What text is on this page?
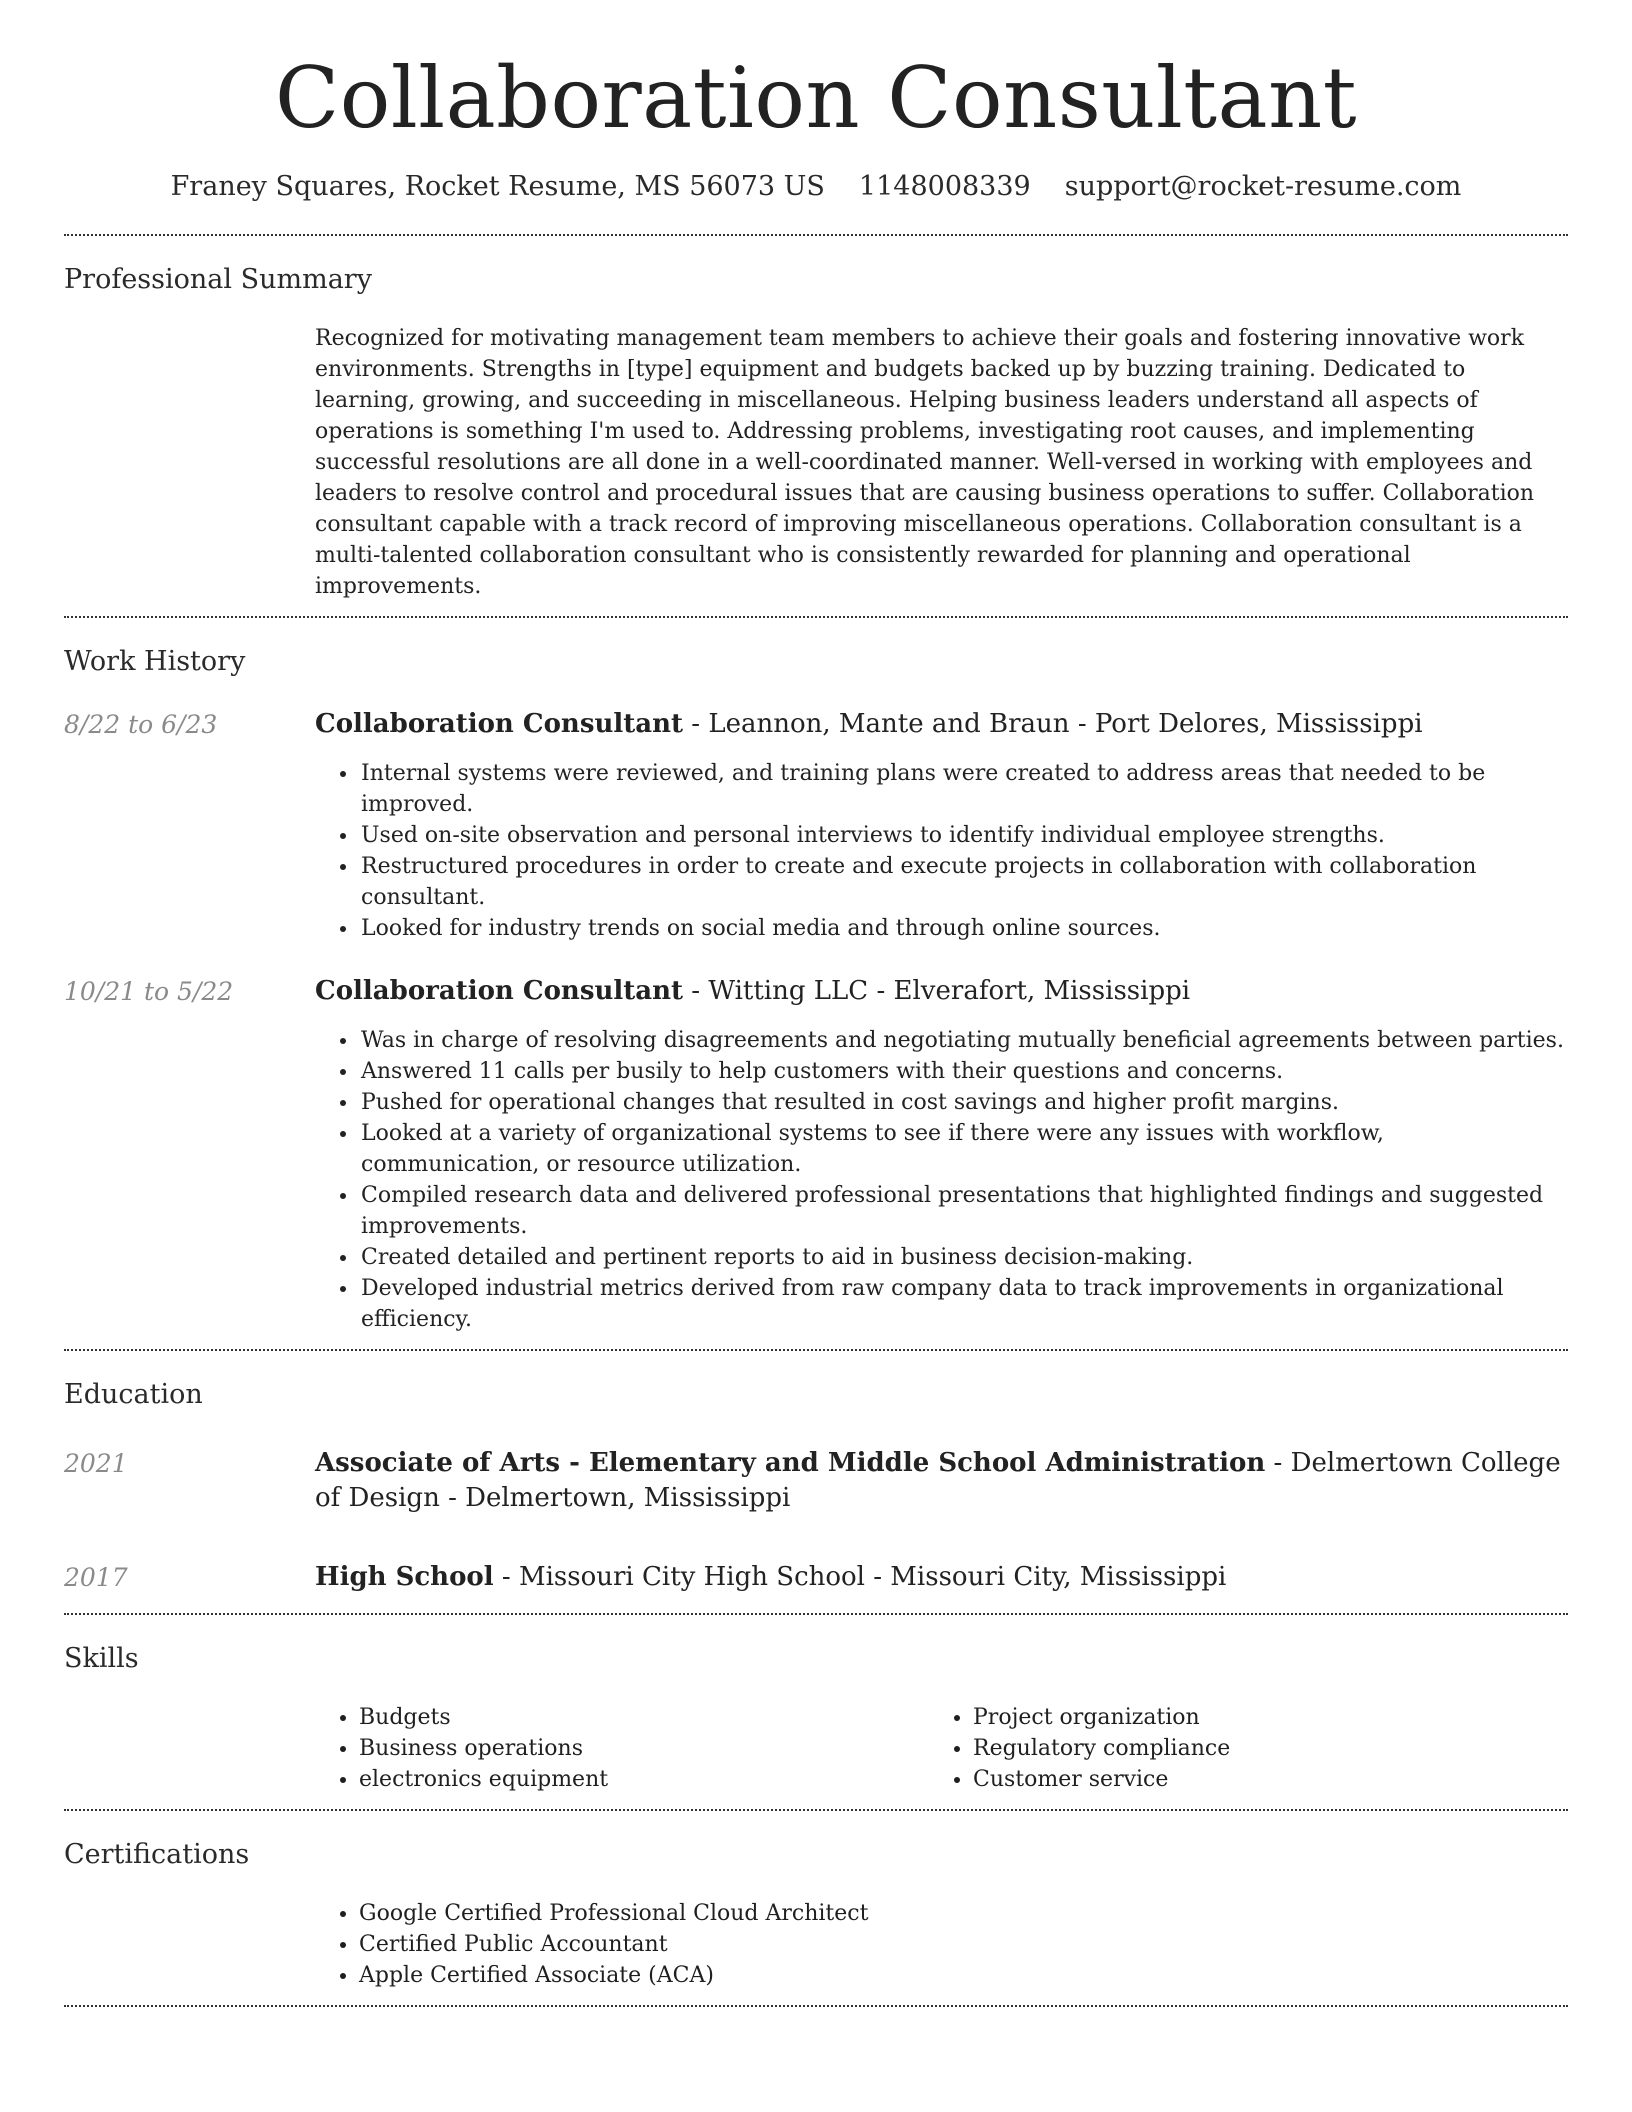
Collaboration Consultant
Franey Squares, Rocket Resume, MS 56073 US 1148008339 support@rocket-resume.com
Professional Summary

Recognized for motivating management team members to achieve their goals and fostering innovative work environments. Strengths in [type] equipment and budgets backed up by buzzing training. Dedicated to learning, growing, and succeeding in miscellaneous. Helping business leaders understand all aspects of operations is something I'm used to. Addressing problems, investigating root causes, and implementing successful resolutions are all done in a well-coordinated manner. Well-versed in working with employees and leaders to resolve control and procedural issues that are causing business operations to suffer. Collaboration consultant capable with a track record of improving miscellaneous operations. Collaboration consultant is a multi-talented collaboration consultant who is consistently rewarded for planning and operational improvements.

Work History
8/22 to 6/23	Collaboration Consultant - Leannon, Mante and Braun - Port Delores, Mississippi
• Internal systems were reviewed, and training plans were created to address areas that needed to be improved.
• Used on-site observation and personal interviews to identify individual employee strengths.
• Restructured procedures in order to create and execute projects in collaboration with collaboration consultant.
• Looked for industry trends on social media and through online sources.
10/21 to 5/22	Collaboration Consultant - Witting LLC - Elverafort, Mississippi
• Was in charge of resolving disagreements and negotiating mutually beneficial agreements between parties.
• Answered 11 calls per busily to help customers with their questions and concerns.
• Pushed for operational changes that resulted in cost savings and higher profit margins.
• Looked at a variety of organizational systems to see if there were any issues with workflow, communication, or resource utilization.
• Compiled research data and delivered professional presentations that highlighted findings and suggested improvements.
• Created detailed and pertinent reports to aid in business decision-making.
• Developed industrial metrics derived from raw company data to track improvements in organizational efficiency.
Education
2021	Associate of Arts - Elementary and Middle School Administration - Delmertown College of Design - Delmertown, Mississippi
2017	High School - Missouri City High School - Missouri City, Mississippi
Skills
• Budgets
• Business operations
• electronics equipment
• Project organization
• Regulatory compliance
• Customer service
Certifications
• Google Certified Professional Cloud Architect
• Certified Public Accountant
• Apple Certified Associate (ACA)
